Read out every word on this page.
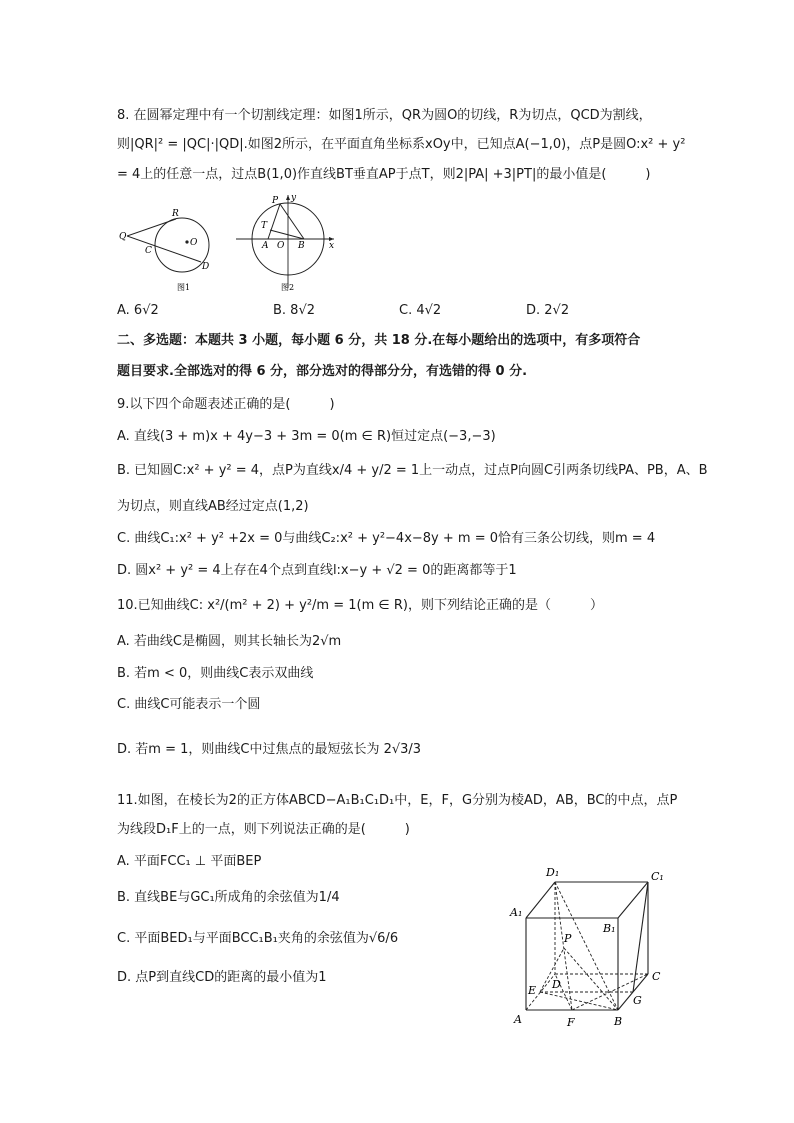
8. 在圆幂定理中有一个切割线定理：如图1所示，QR为圆O的切线，R为切点，QCD为割线，
则|QR|² = |QC|·|QD|.如图2所示，在平面直角坐标系xOy中，已知点A(−1,0)，点P是圆O:x² + y²
= 4上的任意一点，过点B(1,0)作直线BT垂直AP于点T，则2|PA| +3|PT|的最小值是(　　　)
Q
R
C
O
D
图1
P y
T
A O B	x
图2
A. 6√2	B. 8√2	C. 4√2	D. 2√2
二、多选题：本题共 3 小题，每小题 6 分，共 18 分.在每小题给出的选项中，有多项符合
题目要求.全部选对的得 6 分，部分选对的得部分分，有选错的得 0 分.
9.以下四个命题表述正确的是(　　　)
A. 直线(3 + m)x + 4y−3 + 3m = 0(m ∈ R)恒过定点(−3,−3)
B. 已知圆C:x² + y² = 4，点P为直线x/4 + y/2 = 1上一动点，过点P向圆C引两条切线PA、PB，A、B
为切点，则直线AB经过定点(1,2)
C. 曲线C₁:x² + y² +2x = 0与曲线C₂:x² + y²−4x−8y + m = 0恰有三条公切线，则m = 4
D. 圆x² + y² = 4上存在4个点到直线l:x−y + √2 = 0的距离都等于1
10.已知曲线C: x²/(m² + 2) + y²/m = 1(m ∈ R)，则下列结论正确的是（　　　）
A. 若曲线C是椭圆，则其长轴长为2√m
B. 若m < 0，则曲线C表示双曲线
C. 曲线C可能表示一个圆
D. 若m = 1，则曲线C中过焦点的最短弦长为 2√3/3
11.如图，在棱长为2的正方体ABCD−A₁B₁C₁D₁中，E，F，G分别为棱AD，AB，BC的中点，点P
为线段D₁F上的一点，则下列说法正确的是(　　　)
A. 平面FCC₁ ⊥ 平面BEP
B. 直线BE与GC₁所成角的余弦值为1/4
C. 平面BED₁与平面BCC₁B₁夹角的余弦值为√6/6
D. 点P到直线CD的距离的最小值为1
D₁	C₁
A₁
B₁
P
D
C
E
G
A	F	B
